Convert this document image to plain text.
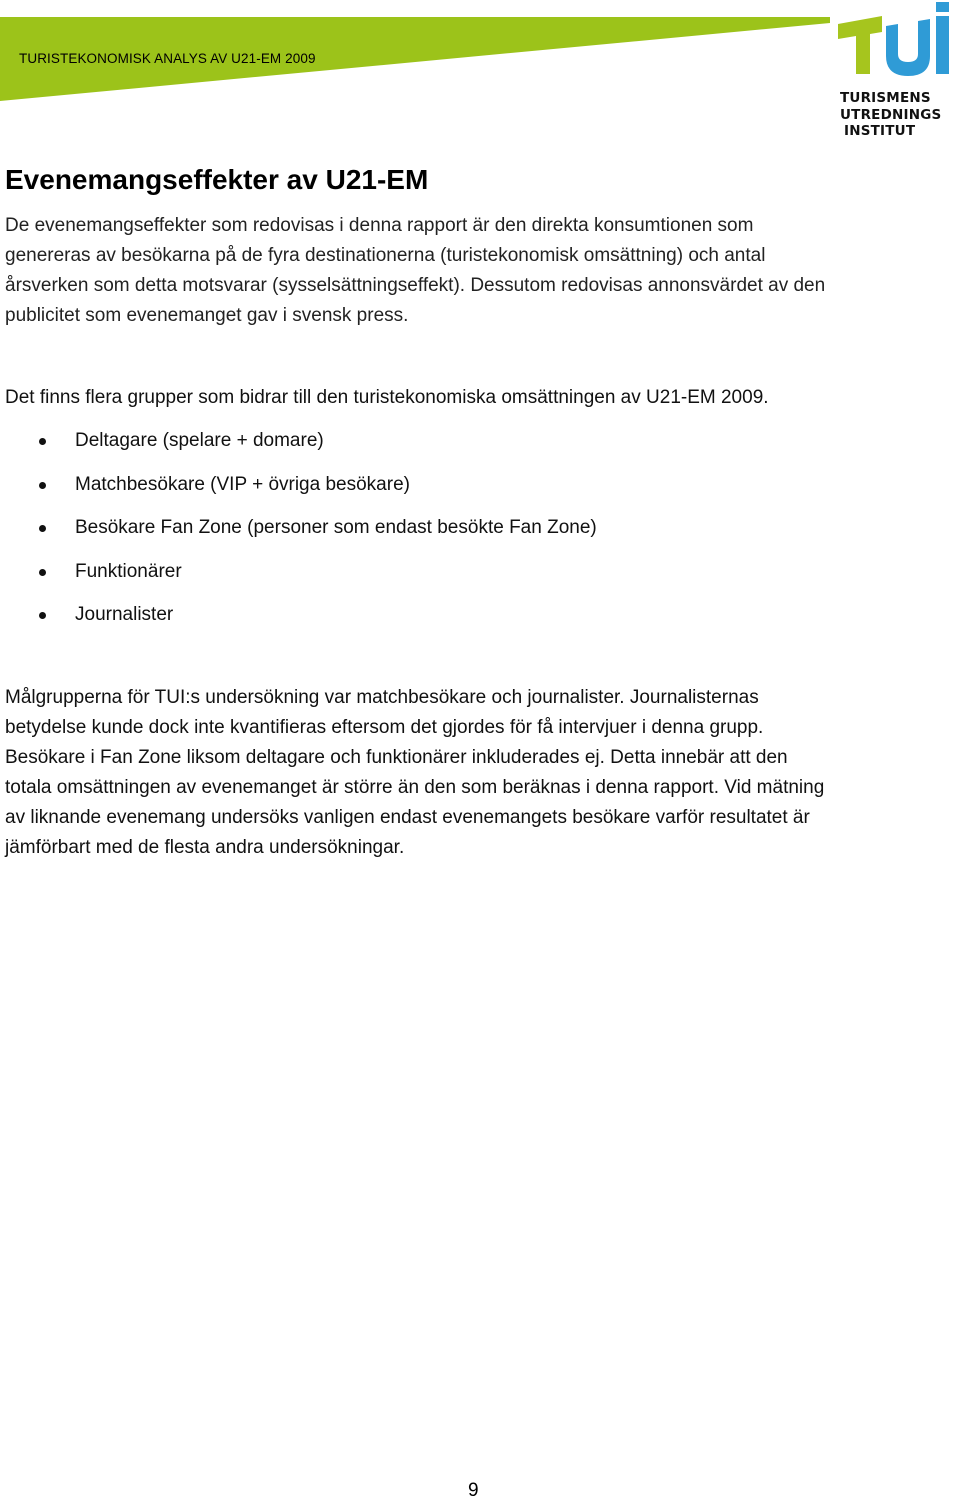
TURISTEKONOMISK ANALYS AV U21-EM 2009
TURISMENS
UTREDNINGS
INSTITUT
Evenemangseffekter av U21-EM

De evenemangseffekter som redovisas i denna rapport är den direkta konsumtionen som
genereras av besökarna på de fyra destinationerna (turistekonomisk omsättning) och antal
årsverken som detta motsvarar (sysselsättningseffekt). Dessutom redovisas annonsvärdet av den
publicitet som evenemanget gav i svensk press.

Det finns flera grupper som bidrar till den turistekonomiska omsättningen av U21-EM 2009.

Deltagare (spelare + domare)
Matchbesökare (VIP + övriga besökare)
Besökare Fan Zone (personer som endast besökte Fan Zone)
Funktionärer
Journalister

Målgrupperna för TUI:s undersökning var matchbesökare och journalister. Journalisternas
betydelse kunde dock inte kvantifieras eftersom det gjordes för få intervjuer i denna grupp.
Besökare i Fan Zone liksom deltagare och funktionärer inkluderades ej. Detta innebär att den
totala omsättningen av evenemanget är större än den som beräknas i denna rapport. Vid mätning
av liknande evenemang undersöks vanligen endast evenemangets besökare varför resultatet är
jämförbart med de flesta andra undersökningar.

9
